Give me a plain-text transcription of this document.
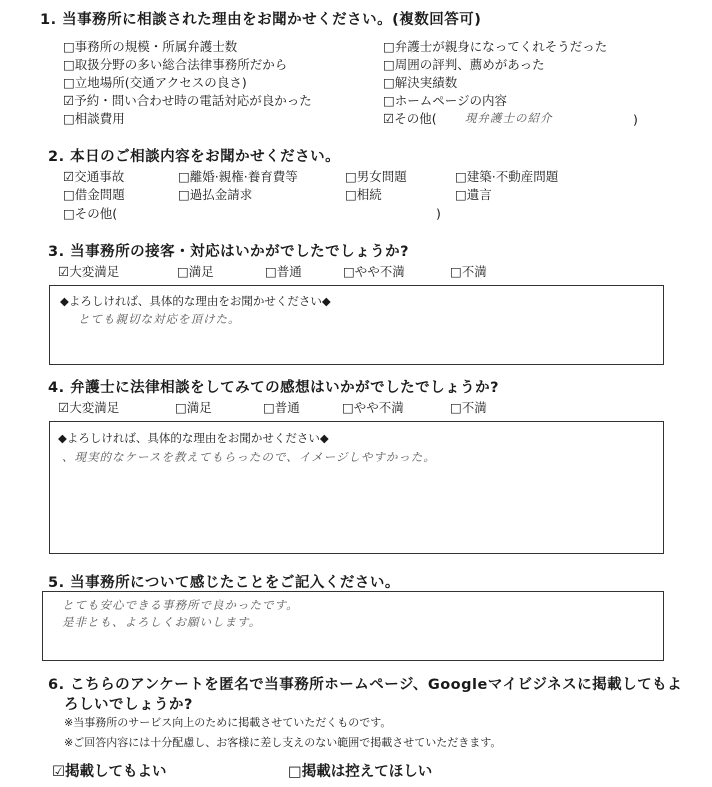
1. 当事務所に相談された理由をお聞かせください。(複数回答可)
□事務所の規模・所属弁護士数
□取扱分野の多い総合法律事務所だから
□立地場所(交通アクセスの良さ)
☑予約・問い合わせ時の電話対応が良かった
□相談費用
□弁護士が親身になってくれそうだった
□周囲の評判、薦めがあった
□解決実績数
□ホームページの内容
☑その他( 現弁護士の紹介	)
2. 本日のご相談内容をお聞かせください。
☑交通事故	□離婚·親権·養育費等	□男女問題	□建築·不動産問題
□借金問題	□過払金請求	□相続	□遺言
□その他(	)
3. 当事務所の接客・対応はいかがでしたでしょうか?
☑大変満足	□満足	□普通	□やや不満	□不満
◆よろしければ、具体的な理由をお聞かせください◆
とても親切な対応を頂けた。
4. 弁護士に法律相談をしてみての感想はいかがでしたでしょうか?
☑大変満足	□満足	□普通	□やや不満	□不満
◆よろしければ、具体的な理由をお聞かせください◆
、現実的なケースを教えてもらったので、イメージしやすかった。
5. 当事務所について感じたことをご記入ください。
とても安心できる事務所で良かったです。
是非とも、よろしくお願いします。
6. こちらのアンケートを匿名で当事務所ホームページ、Googleマイビジネスに掲載してもよ
ろしいでしょうか?
※当事務所のサービス向上のために掲載させていただくものです。
※ご回答内容には十分配慮し、お客様に差し支えのない範囲で掲載させていただきます。
☑掲載してもよい	□掲載は控えてほしい
